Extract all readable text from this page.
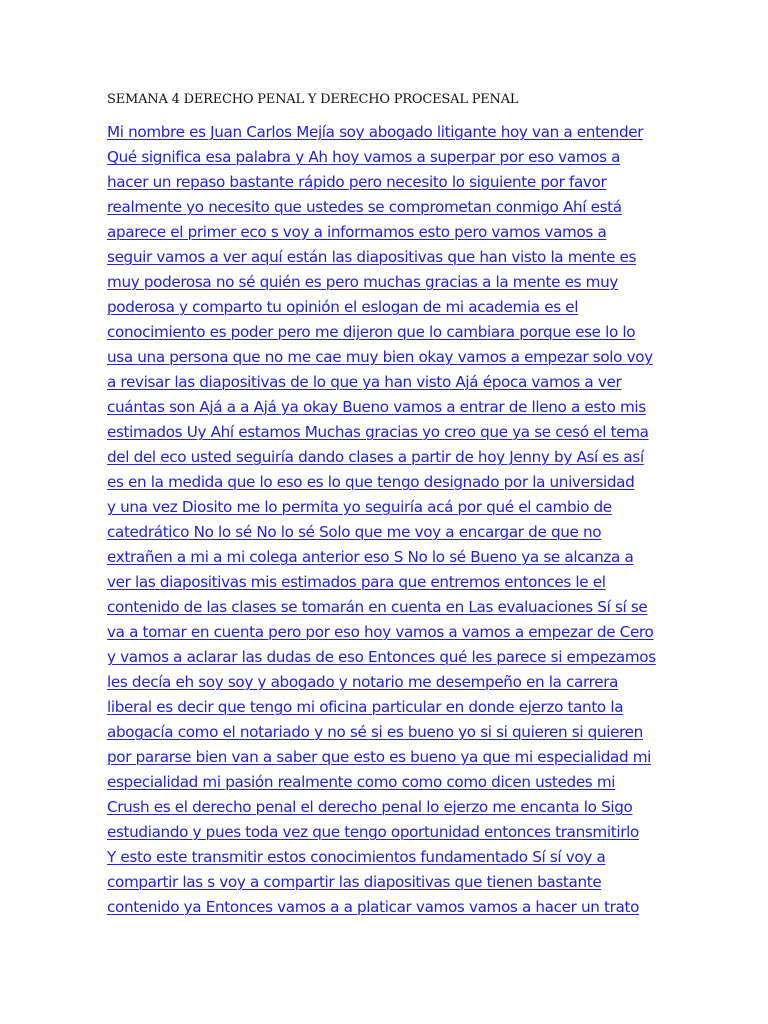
SEMANA 4 DERECHO PENAL Y DERECHO PROCESAL PENAL
Mi nombre es Juan Carlos Mejía soy abogado litigante hoy van a entender
Qué significa esa palabra y Ah hoy vamos a superpar por eso vamos a
hacer un repaso bastante rápido pero necesito lo siguiente por favor
realmente yo necesito que ustedes se comprometan conmigo Ahí está
aparece el primer eco s voy a informamos esto pero vamos vamos a
seguir vamos a ver aquí están las diapositivas que han visto la mente es
muy poderosa no sé quién es pero muchas gracias a la mente es muy
poderosa y comparto tu opinión el eslogan de mi academia es el
conocimiento es poder pero me dijeron que lo cambiara porque ese lo lo
usa una persona que no me cae muy bien okay vamos a empezar solo voy
a revisar las diapositivas de lo que ya han visto Ajá época vamos a ver
cuántas son Ajá a a Ajá ya okay Bueno vamos a entrar de lleno a esto mis
estimados Uy Ahí estamos Muchas gracias yo creo que ya se cesó el tema
del del eco usted seguiría dando clases a partir de hoy Jenny by Así es así
es en la medida que lo eso es lo que tengo designado por la universidad
y una vez Diosito me lo permita yo seguiría acá por qué el cambio de
catedrático No lo sé No lo sé Solo que me voy a encargar de que no
extrañen a mi a mi colega anterior eso S No lo sé Bueno ya se alcanza a
ver las diapositivas mis estimados para que entremos entonces le el
contenido de las clases se tomarán en cuenta en Las evaluaciones Sí sí se
va a tomar en cuenta pero por eso hoy vamos a vamos a empezar de Cero
y vamos a aclarar las dudas de eso Entonces qué les parece si empezamos
les decía eh soy soy y abogado y notario me desempeño en la carrera
liberal es decir que tengo mi oficina particular en donde ejerzo tanto la
abogacía como el notariado y no sé si es bueno yo si si quieren si quieren
por pararse bien van a saber que esto es bueno ya que mi especialidad mi
especialidad mi pasión realmente como como como dicen ustedes mi
Crush es el derecho penal el derecho penal lo ejerzo me encanta lo Sigo
estudiando y pues toda vez que tengo oportunidad entonces transmitirlo
Y esto este transmitir estos conocimientos fundamentado Sí sí voy a
compartir las s voy a compartir las diapositivas que tienen bastante
contenido ya Entonces vamos a a platicar vamos vamos a hacer un trato
